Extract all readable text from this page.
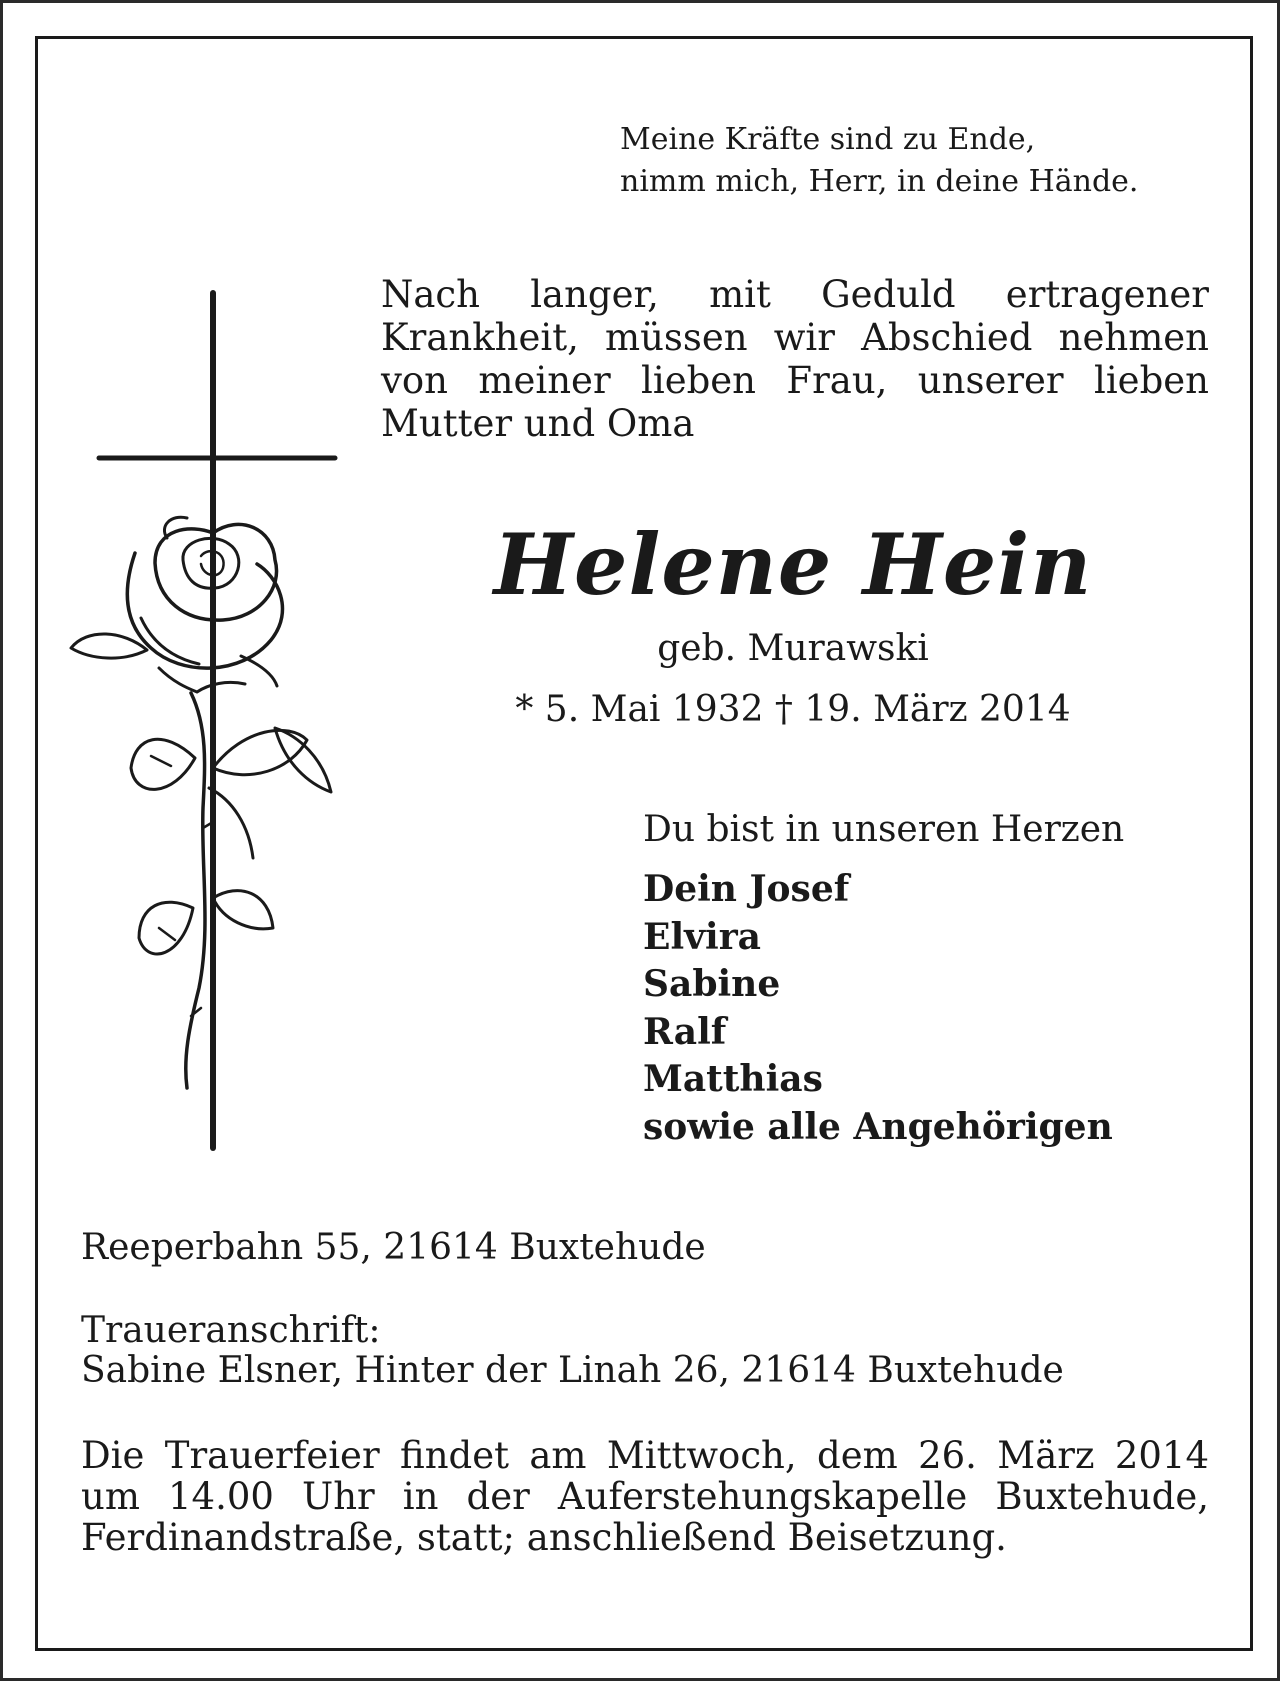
Meine Kräfte sind zu Ende,
nimm mich, Herr, in deine Hände.

Nach langer, mit Geduld ertragener Krankheit, müssen wir Abschied nehmen von meiner lieben Frau, unserer lieben Mutter und Oma

Helene Hein

geb. Murawski

* 5. Mai 1932 † 19. März 2014

Du bist in unseren Herzen

Dein Josef
Elvira
Sabine
Ralf
Matthias
sowie alle Angehörigen

Reeperbahn 55, 21614 Buxtehude

Traueranschrift:

Sabine Elsner, Hinter der Linah 26, 21614 Buxtehude

Die Trauerfeier findet am Mittwoch, dem 26. März 2014 um 14.00 Uhr in der Auferstehungskapelle Buxtehude, Ferdinandstraße, statt; anschließend Beisetzung.
